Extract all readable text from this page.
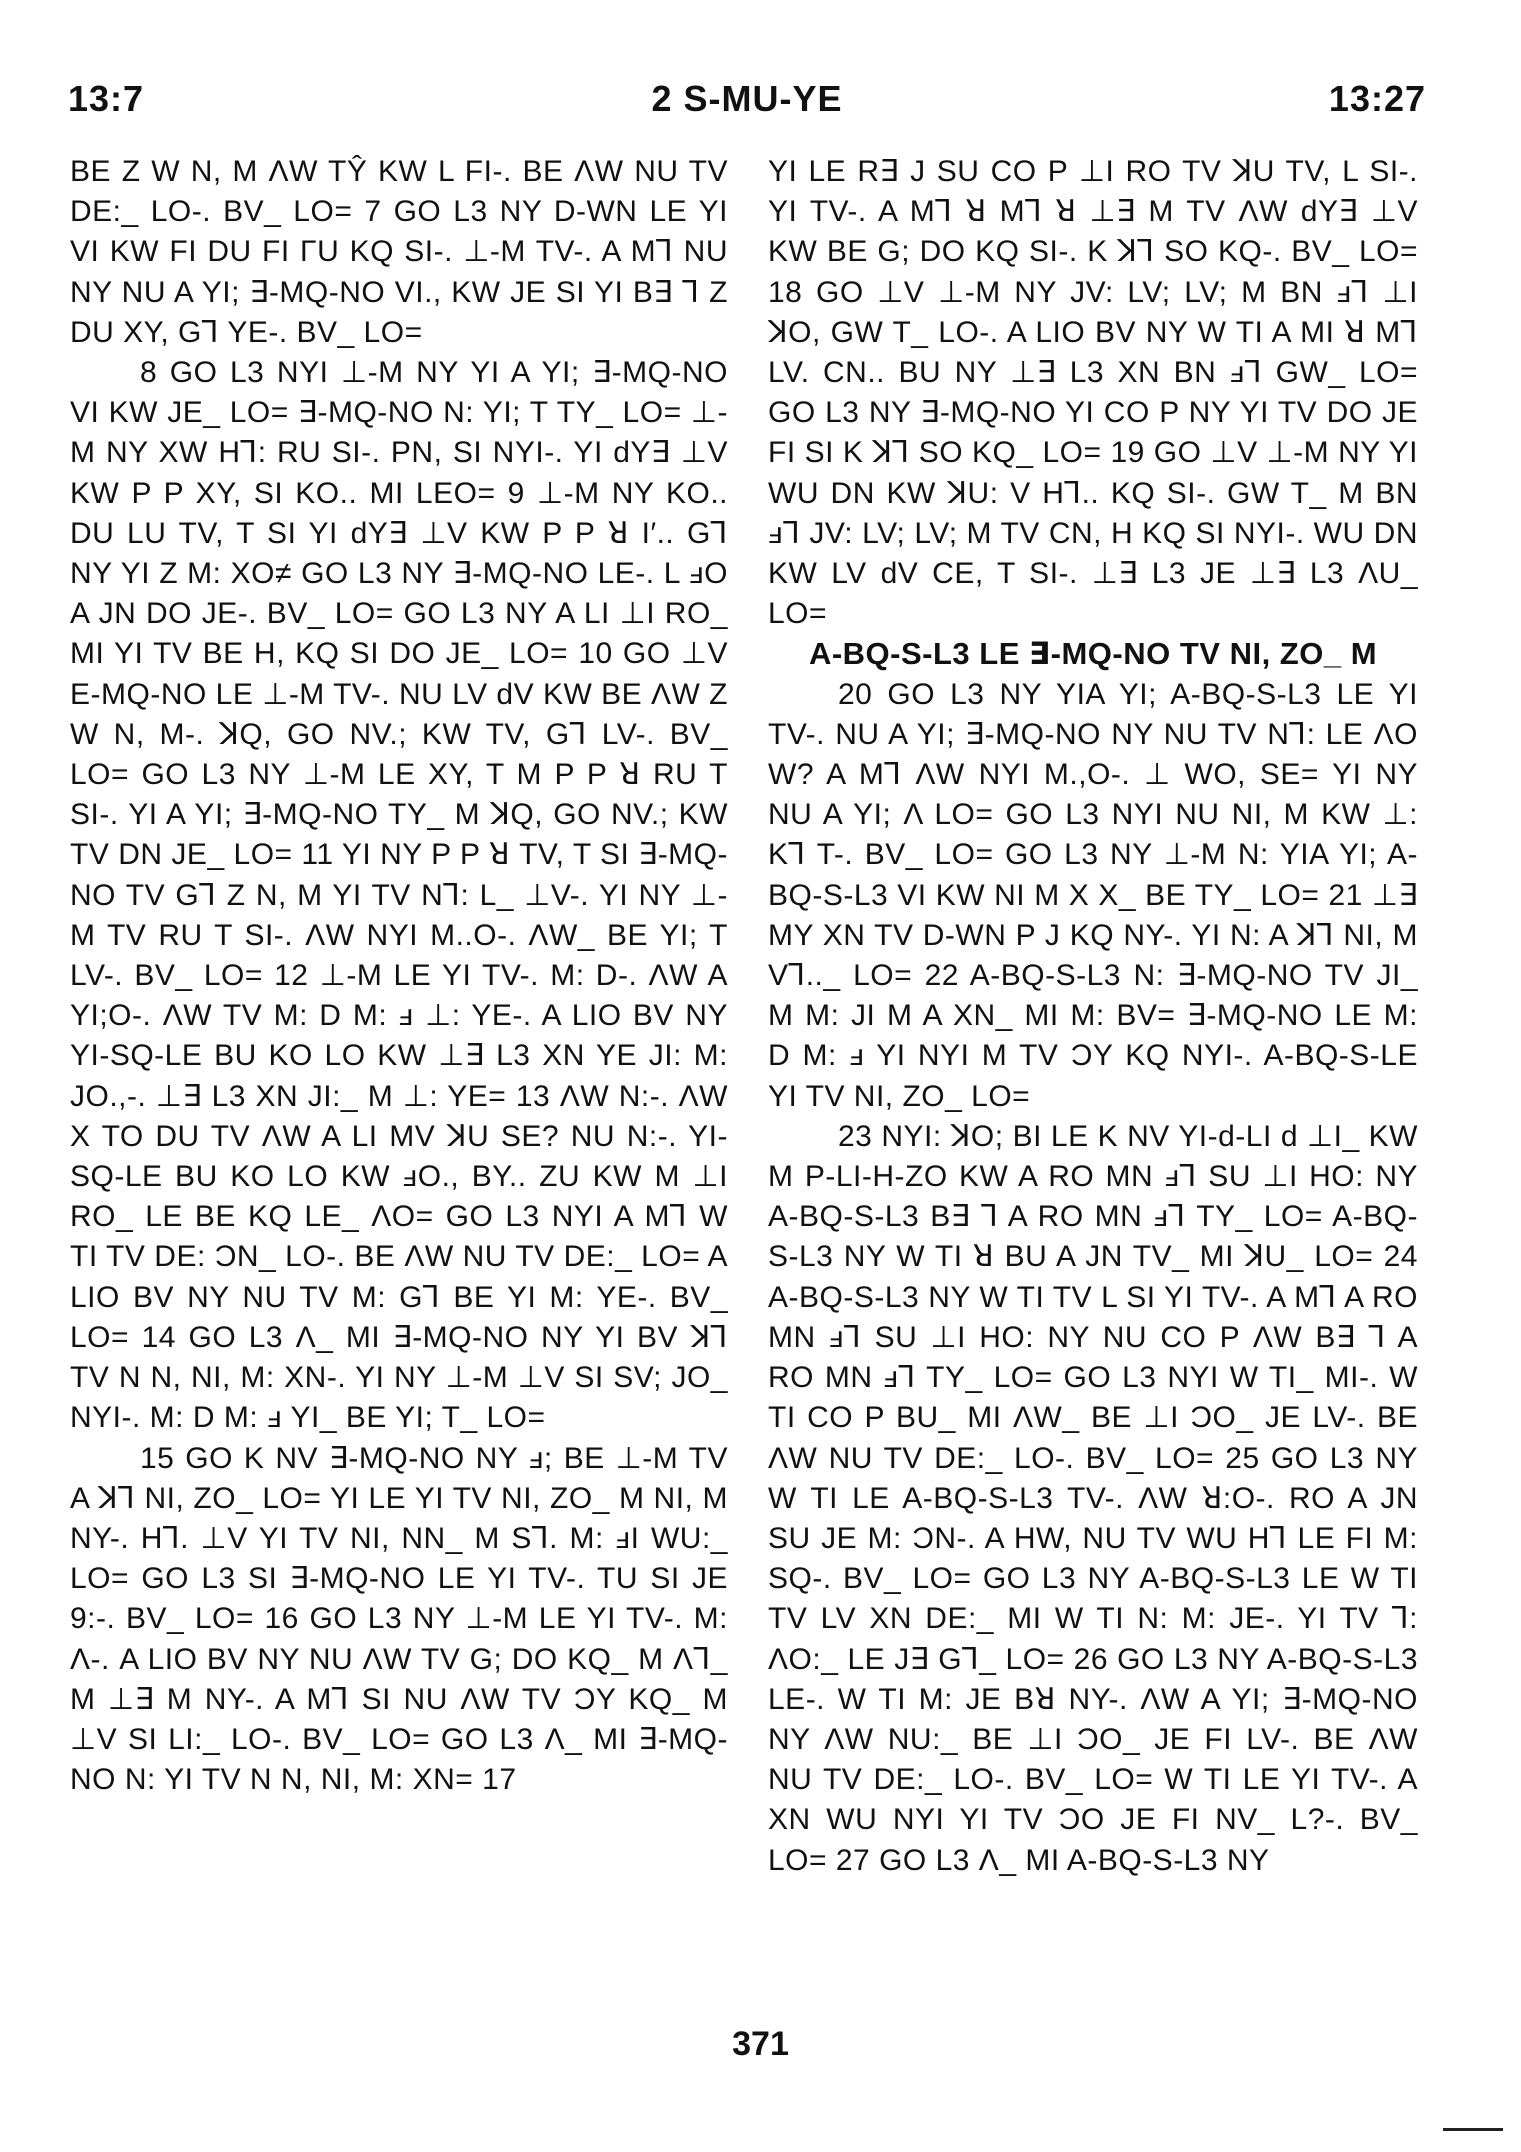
13:7	2 S-MU-YE	13:27

BE Z W N, M ΛW TŶ KW L FI-. BE ΛW NU TV DE:_ LO-. BV_ LO= 7 GO L3 NY D-WN LE YI VI KW FI DU FI ΓU KQ SI-. ⊥-M TV-. A M⅂ NU NY NU A YI; ∃-MQ-NO VI., KW JE SI YI B∃ ⅂ Z DU XY, G⅂ YE-. BV_ LO=

8 GO L3 NYI ⊥-M NY YI A YI; ∃-MQ-NO VI KW JE_ LO= ∃-MQ-NO N: YI; T TY_ LO= ⊥-M NY XW H⅂: RU SI-. PN, SI NYI-. YI dY∃ ⊥V KW P P XY, SI KO.. MI LEO= 9 ⊥-M NY KO.. DU LU TV, T SI YI dY∃ ⊥V KW P P ꓤ I′.. G⅂ NY YI Z M: XO≠ GO L3 NY ∃-MQ-NO LE-. L ⅎO A JN DO JE-. BV_ LO= GO L3 NY A LI ⊥I RO_ MI YI TV BE H, KQ SI DO JE_ LO= 10 GO ⊥V E-MQ-NO LE ⊥-M TV-. NU LV dV KW BE ΛW Z W N, M-. ꓘQ, GO NV.; KW TV, G⅂ LV-. BV_ LO= GO L3 NY ⊥-M LE XY, T M P P ꓤ RU T SI-. YI A YI; ∃-MQ-NO TY_ M ꓘQ, GO NV.; KW TV DN JE_ LO= 11 YI NY P P ꓤ TV, T SI ∃-MQ-NO TV G⅂ Z N, M YI TV N⅂: L_ ⊥V-. YI NY ⊥-M TV RU T SI-. ΛW NYI M..O-. ΛW_ BE YI; T LV-. BV_ LO= 12 ⊥-M LE YI TV-. M: D-. ΛW A YI;O-. ΛW TV M: D M: ⅎ ⊥: YE-. A LIO BV NY YI-SQ-LE BU KO LO KW ⊥∃ L3 XN YE JI: M: JO.,-. ⊥∃ L3 XN JI:_ M ⊥: YE= 13 ΛW N:-. ΛW X TO DU TV ΛW A LI MV ꓘU SE? NU N:-. YI-SQ-LE BU KO LO KW ⅎO., BY.. ZU KW M ⊥I RO_ LE BE KQ LE_ ΛO= GO L3 NYI A M⅂ W TI TV DE: ƆN_ LO-. BE ΛW NU TV DE:_ LO= A LIO BV NY NU TV M: G⅂ BE YI M: YE-. BV_ LO= 14 GO L3 Λ_ MI ∃-MQ-NO NY YI BV ꓘ⅂ TV N N, NI, M: XN-. YI NY ⊥-M ⊥V SI SV; JO_ NYI-. M: D M: ⅎ YI_ BE YI; T_ LO=

15 GO K NV ∃-MQ-NO NY ⅎ; BE ⊥-M TV A ꓘ⅂ NI, ZO_ LO= YI LE YI TV NI, ZO_ M NI, M NY-. H⅂. ⊥V YI TV NI, NN_ M S⅂. M: ⅎI WU:_ LO= GO L3 SI ∃-MQ-NO LE YI TV-. TU SI JE 9:-. BV_ LO= 16 GO L3 NY ⊥-M LE YI TV-. M: Λ-. A LIO BV NY NU ΛW TV G; DO KQ_ M Λ⅂_ M ⊥∃ M NY-. A M⅂ SI NU ΛW TV ƆY KQ_ M ⊥V SI LI:_ LO-. BV_ LO= GO L3 Λ_ MI ∃-MQ-NO N: YI TV N N, NI, M: XN= 17

YI LE R∃ J SU CO P ⊥I RO TV ꓘU TV, L SI-. YI TV-. A M⅂ ꓤ M⅂ ꓤ ⊥∃ M TV ΛW dY∃ ⊥V KW BE G; DO KQ SI-. K ꓘ⅂ SO KQ-. BV_ LO= 18 GO ⊥V ⊥-M NY JV: LV; LV; M BN ⅎ⅂ ⊥I ꓘO, GW T_ LO-. A LIO BV NY W TI A MI ꓤ M⅂ LV. CN.. BU NY ⊥∃ L3 XN BN ⅎ⅂ GW_ LO= GO L3 NY ∃-MQ-NO YI CO P NY YI TV DO JE FI SI K ꓘ⅂ SO KQ_ LO= 19 GO ⊥V ⊥-M NY YI WU DN KW ꓘU: V H⅂.. KQ SI-. GW T_ M BN ⅎ⅂ JV: LV; LV; M TV CN, H KQ SI NYI-. WU DN KW LV dV CE, T SI-. ⊥∃ L3 JE ⊥∃ L3 ΛU_ LO=

A-BQ-S-L3 LE ∃-MQ-NO TV NI, ZO_ M

20 GO L3 NY YIA YI; A-BQ-S-L3 LE YI TV-. NU A YI; ∃-MQ-NO NY NU TV N⅂: LE ΛO W? A M⅂ ΛW NYI M.,O-. ⊥ WO, SE= YI NY NU A YI; Λ LO= GO L3 NYI NU NI, M KW ⊥: K⅂ T-. BV_ LO= GO L3 NY ⊥-M N: YIA YI; A-BQ-S-L3 VI KW NI M X X_ BE TY_ LO= 21 ⊥∃ MY XN TV D-WN P J KQ NY-. YI N: A ꓘ⅂ NI, M V⅂.._ LO= 22 A-BQ-S-L3 N: ∃-MQ-NO TV JI_ M M: JI M A XN_ MI M: BV= ∃-MQ-NO LE M: D M: ⅎ YI NYI M TV ƆY KQ NYI-. A-BQ-S-LE YI TV NI, ZO_ LO=

23 NYI: ꓘO; BI LE K NV YI-d-LI d ⊥I_ KW M P-LI-H-ZO KW A RO MN ⅎ⅂ SU ⊥I HO: NY A-BQ-S-L3 B∃ ⅂ A RO MN ⅎ⅂ TY_ LO= A-BQ-S-L3 NY W TI ꓤ BU A JN TV_ MI ꓘU_ LO= 24 A-BQ-S-L3 NY W TI TV L SI YI TV-. A M⅂ A RO MN ⅎ⅂ SU ⊥I HO: NY NU CO P ΛW B∃ ⅂ A RO MN ⅎ⅂ TY_ LO= GO L3 NYI W TI_ MI-. W TI CO P BU_ MI ΛW_ BE ⊥I ƆO_ JE LV-. BE ΛW NU TV DE:_ LO-. BV_ LO= 25 GO L3 NY W TI LE A-BQ-S-L3 TV-. ΛW ꓤ:O-. RO A JN SU JE M: ƆN-. A HW, NU TV WU H⅂ LE FI M: SQ-. BV_ LO= GO L3 NY A-BQ-S-L3 LE W TI TV LV XN DE:_ MI W TI N: M: JE-. YI TV ⅂: ΛO:_ LE J∃ G⅂_ LO= 26 GO L3 NY A-BQ-S-L3 LE-. W TI M: JE Bꓤ NY-. ΛW A YI; ∃-MQ-NO NY ΛW NU:_ BE ⊥I ƆO_ JE FI LV-. BE ΛW NU TV DE:_ LO-. BV_ LO= W TI LE YI TV-. A XN WU NYI YI TV ƆO JE FI NV_ L?-. BV_ LO= 27 GO L3 Λ_ MI A-BQ-S-L3 NY

371
